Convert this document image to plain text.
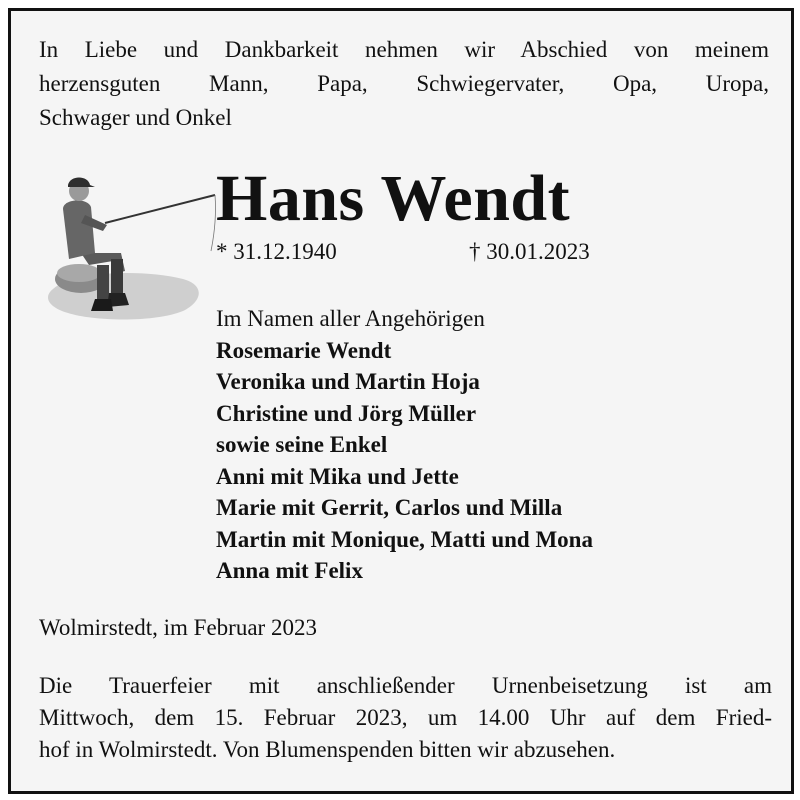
In Liebe und Dankbarkeit nehmen wir Abschied von meinem
herzensguten Mann, Papa, Schwiegervater, Opa, Uropa,
Schwager und Onkel
Hans Wendt
* 31.12.1940	† 30.01.2023
Im Namen aller Angehörigen
Rosemarie Wendt
Veronika und Martin Hoja
Christine und Jörg Müller
sowie seine Enkel
Anni mit Mika und Jette
Marie mit Gerrit, Carlos und Milla
Martin mit Monique, Matti und Mona
Anna mit Felix
Wolmirstedt, im Februar 2023
Die Trauerfeier mit anschließender Urnenbeisetzung ist am
Mittwoch, dem 15. Februar 2023, um 14.00 Uhr auf dem Fried-
hof in Wolmirstedt. Von Blumenspenden bitten wir abzusehen.
